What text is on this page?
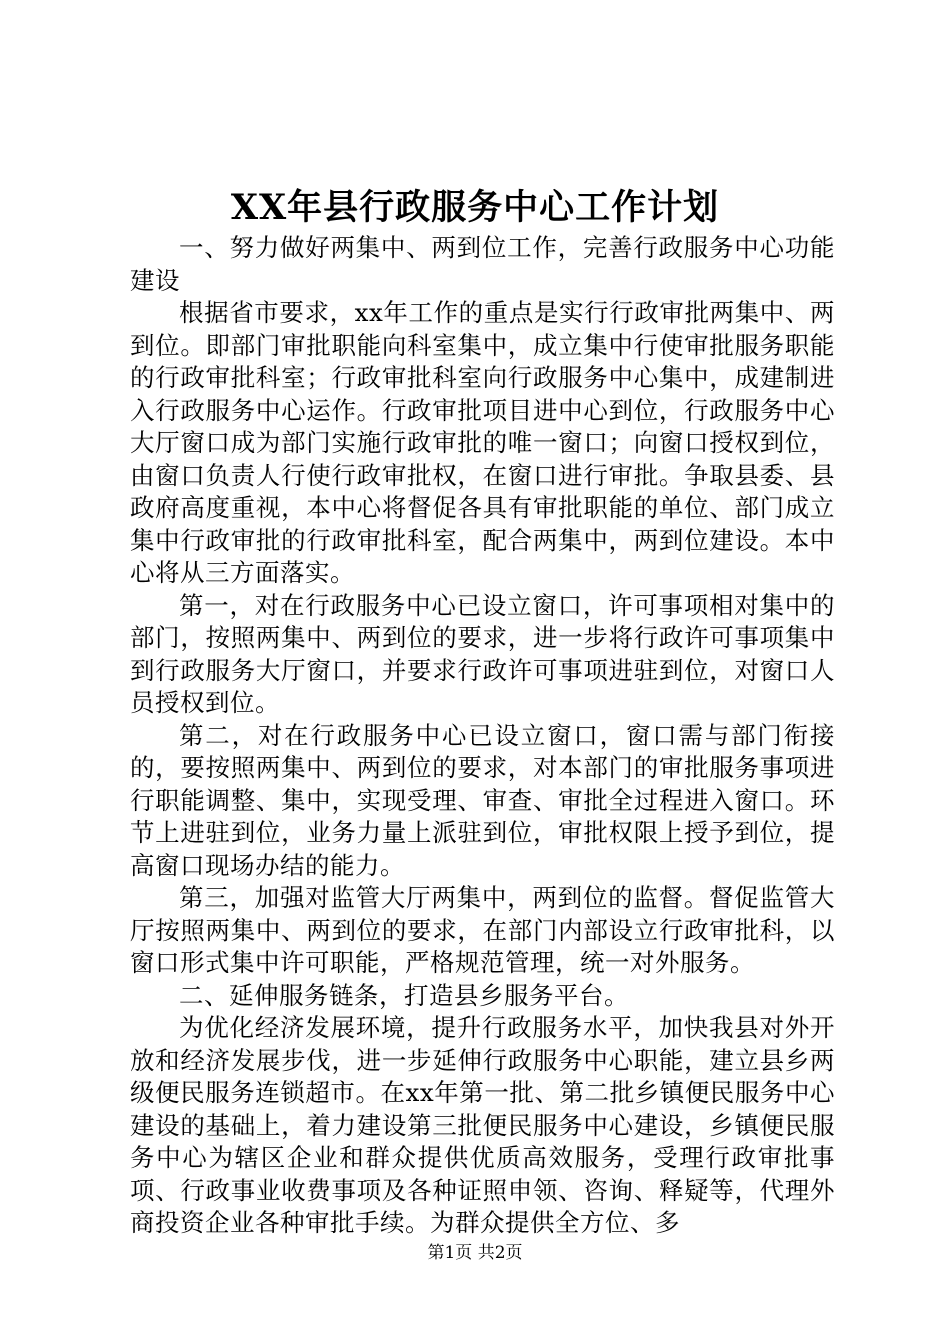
XX年县行政服务中心工作计划

一、努力做好两集中、两到位工作，完善行政服务中心功能建设

根据省市要求，xx年工作的重点是实行行政审批两集中、两到位。即部门审批职能向科室集中，成立集中行使审批服务职能的行政审批科室；行政审批科室向行政服务中心集中，成建制进入行政服务中心运作。行政审批项目进中心到位，行政服务中心大厅窗口成为部门实施行政审批的唯一窗口；向窗口授权到位，由窗口负责人行使行政审批权，在窗口进行审批。争取县委、县政府高度重视，本中心将督促各具有审批职能的单位、部门成立集中行政审批的行政审批科室，配合两集中，两到位建设。本中心将从三方面落实。

第一，对在行政服务中心已设立窗口，许可事项相对集中的部门，按照两集中、两到位的要求，进一步将行政许可事项集中到行政服务大厅窗口，并要求行政许可事项进驻到位，对窗口人员授权到位。

第二，对在行政服务中心已设立窗口，窗口需与部门衔接的，要按照两集中、两到位的要求，对本部门的审批服务事项进行职能调整、集中，实现受理、审查、审批全过程进入窗口。环节上进驻到位，业务力量上派驻到位，审批权限上授予到位，提高窗口现场办结的能力。

第三，加强对监管大厅两集中，两到位的监督。督促监管大厅按照两集中、两到位的要求，在部门内部设立行政审批科，以窗口形式集中许可职能，严格规范管理，统一对外服务。

二、延伸服务链条，打造县乡服务平台。

为优化经济发展环境，提升行政服务水平，加快我县对外开放和经济发展步伐，进一步延伸行政服务中心职能，建立县乡两级便民服务连锁超市。在xx年第一批、第二批乡镇便民服务中心建设的基础上，着力建设第三批便民服务中心建设，乡镇便民服务中心为辖区企业和群众提供优质高效服务，受理行政审批事项、行政事业收费事项及各种证照申领、咨询、释疑等，代理外商投资企业各种审批手续。为群众提供全方位、多

第1页 共2页
